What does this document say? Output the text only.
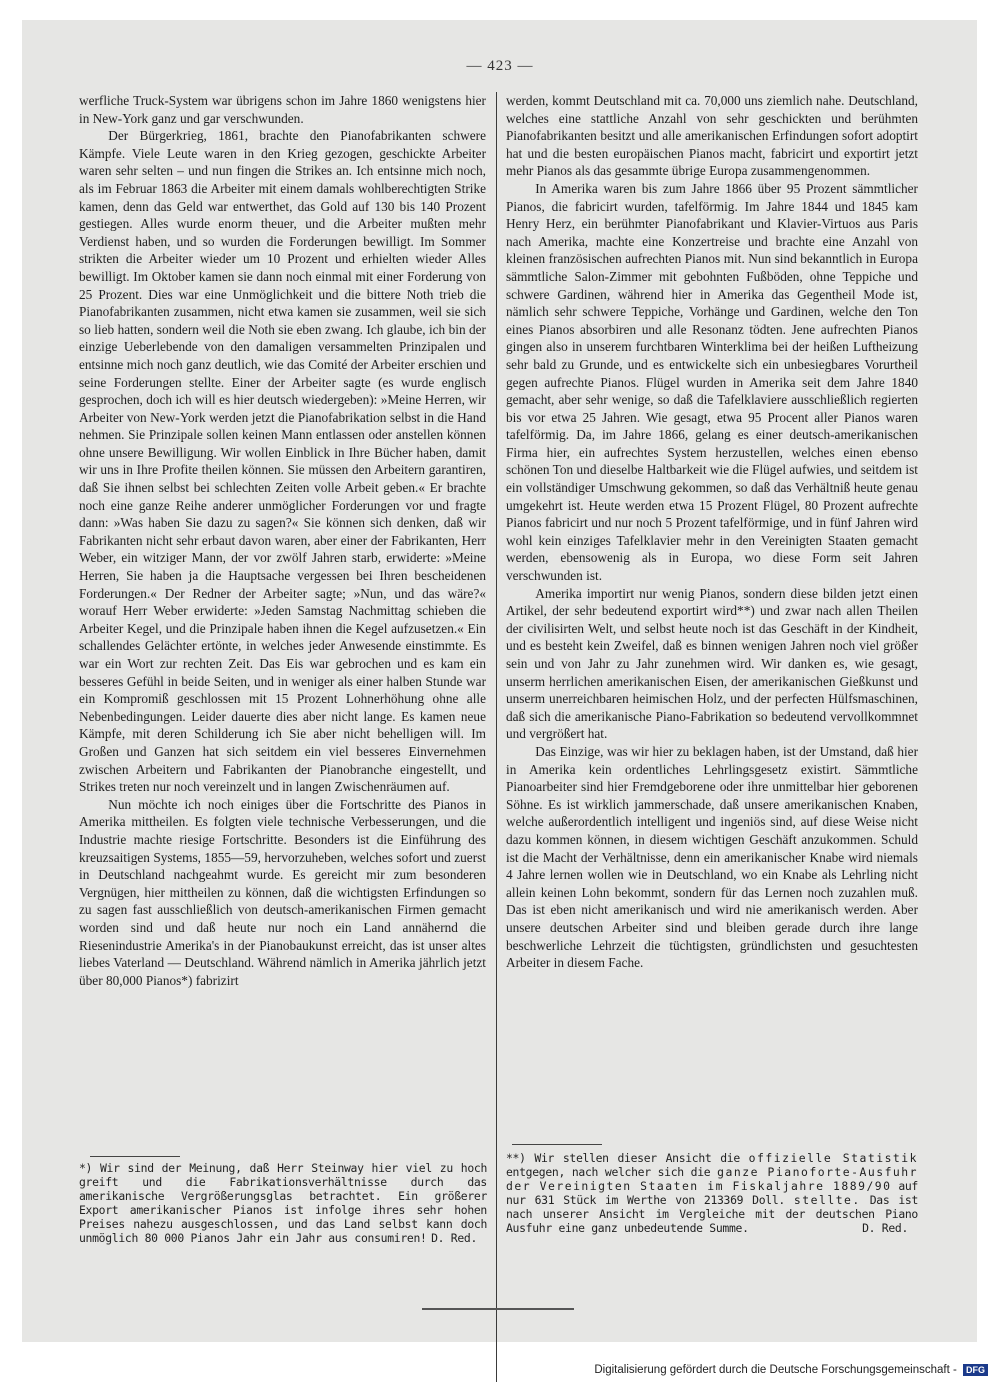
— 423 —

werfliche Truck-System war übrigens schon im Jahre 1860 wenigstens hier in New-York ganz und gar verschwunden.

Der Bürgerkrieg, 1861, brachte den Pianofabrikanten schwere Kämpfe. Viele Leute waren in den Krieg gezogen, geschickte Arbeiter waren sehr selten – und nun fingen die Strikes an. Ich entsinne mich noch, als im Februar 1863 die Arbeiter mit einem damals wohlberechtigten Strike kamen, denn das Geld war entwerthet, das Gold auf 130 bis 140 Prozent gestiegen. Alles wurde enorm theuer, und die Arbeiter mußten mehr Verdienst haben, und so wurden die Forderungen bewilligt. Im Sommer strikten die Arbeiter wieder um 10 Prozent und erhielten wieder Alles bewilligt. Im Oktober kamen sie dann noch einmal mit einer Forderung von 25 Prozent. Dies war eine Unmöglichkeit und die bittere Noth trieb die Pianofabrikanten zusammen, nicht etwa kamen sie zusammen, weil sie sich so lieb hatten, sondern weil die Noth sie eben zwang. Ich glaube, ich bin der einzige Ueberlebende von den damaligen versammelten Prinzipalen und entsinne mich noch ganz deutlich, wie das Comité der Arbeiter erschien und seine Forderungen stellte. Einer der Arbeiter sagte (es wurde englisch gesprochen, doch ich will es hier deutsch wiedergeben): »Meine Herren, wir Arbeiter von New-York werden jetzt die Pianofabrikation selbst in die Hand nehmen. Sie Prinzipale sollen keinen Mann entlassen oder anstellen können ohne unsere Bewilligung. Wir wollen Einblick in Ihre Bücher haben, damit wir uns in Ihre Profite theilen können. Sie müssen den Arbeitern garantiren, daß Sie ihnen selbst bei schlechten Zeiten volle Arbeit geben.« Er brachte noch eine ganze Reihe anderer unmöglicher Forderungen vor und fragte dann: »Was haben Sie dazu zu sagen?« Sie können sich denken, daß wir Fabrikanten nicht sehr erbaut davon waren, aber einer der Fabrikanten, Herr Weber, ein witziger Mann, der vor zwölf Jahren starb, erwiderte: »Meine Herren, Sie haben ja die Hauptsache vergessen bei Ihren bescheidenen Forderungen.« Der Redner der Arbeiter sagte; »Nun, und das wäre?« worauf Herr Weber erwiderte: »Jeden Samstag Nachmittag schieben die Arbeiter Kegel, und die Prinzipale haben ihnen die Kegel aufzusetzen.« Ein schallendes Gelächter ertönte, in welches jeder Anwesende einstimmte. Es war ein Wort zur rechten Zeit. Das Eis war gebrochen und es kam ein besseres Gefühl in beide Seiten, und in weniger als einer halben Stunde war ein Kompromiß geschlossen mit 15 Prozent Lohnerhöhung ohne alle Nebenbedingungen. Leider dauerte dies aber nicht lange. Es kamen neue Kämpfe, mit deren Schilderung ich Sie aber nicht behelligen will. Im Großen und Ganzen hat sich seitdem ein viel besseres Einvernehmen zwischen Arbeitern und Fabrikanten der Pianobranche eingestellt, und Strikes treten nur noch vereinzelt und in langen Zwischenräumen auf.

Nun möchte ich noch einiges über die Fortschritte des Pianos in Amerika mittheilen. Es folgten viele technische Verbesserungen, und die Industrie machte riesige Fortschritte. Besonders ist die Einführung des kreuzsaitigen Systems, 1855—59, hervorzuheben, welches sofort und zuerst in Deutschland nachgeahmt wurde. Es gereicht mir zum besonderen Vergnügen, hier mittheilen zu können, daß die wichtigsten Erfindungen so zu sagen fast ausschließlich von deutsch-amerikanischen Firmen gemacht worden sind und daß heute nur noch ein Land annähernd die Riesenindustrie Amerika's in der Pianobaukunst erreicht, das ist unser altes liebes Vaterland — Deutschland. Während nämlich in Amerika jährlich jetzt über 80,000 Pianos*) fabrizirt

werden, kommt Deutschland mit ca. 70,000 uns ziemlich nahe. Deutschland, welches eine stattliche Anzahl von sehr geschickten und berühmten Pianofabrikanten besitzt und alle amerikanischen Erfindungen sofort adoptirt hat und die besten europäischen Pianos macht, fabricirt und exportirt jetzt mehr Pianos als das gesammte übrige Europa zusammengenommen.

In Amerika waren bis zum Jahre 1866 über 95 Prozent sämmtlicher Pianos, die fabricirt wurden, tafelförmig. Im Jahre 1844 und 1845 kam Henry Herz, ein berühmter Pianofabrikant und Klavier-Virtuos aus Paris nach Amerika, machte eine Konzertreise und brachte eine Anzahl von kleinen französischen aufrechten Pianos mit. Nun sind bekanntlich in Europa sämmtliche Salon-Zimmer mit gebohnten Fußböden, ohne Teppiche und schwere Gardinen, während hier in Amerika das Gegentheil Mode ist, nämlich sehr schwere Teppiche, Vorhänge und Gardinen, welche den Ton eines Pianos absorbiren und alle Resonanz tödten. Jene aufrechten Pianos gingen also in unserem furchtbaren Winterklima bei der heißen Luftheizung sehr bald zu Grunde, und es entwickelte sich ein unbesiegbares Vorurtheil gegen aufrechte Pianos. Flügel wurden in Amerika seit dem Jahre 1840 gemacht, aber sehr wenige, so daß die Tafelklaviere ausschließlich regierten bis vor etwa 25 Jahren. Wie gesagt, etwa 95 Procent aller Pianos waren tafelförmig. Da, im Jahre 1866, gelang es einer deutsch-amerikanischen Firma hier, ein aufrechtes System herzustellen, welches einen ebenso schönen Ton und dieselbe Haltbarkeit wie die Flügel aufwies, und seitdem ist ein vollständiger Umschwung gekommen, so daß das Verhältniß heute genau umgekehrt ist. Heute werden etwa 15 Prozent Flügel, 80 Prozent aufrechte Pianos fabricirt und nur noch 5 Prozent tafelförmige, und in fünf Jahren wird wohl kein einziges Tafelklavier mehr in den Vereinigten Staaten gemacht werden, ebensowenig als in Europa, wo diese Form seit Jahren verschwunden ist.

Amerika importirt nur wenig Pianos, sondern diese bilden jetzt einen Artikel, der sehr bedeutend exportirt wird**) und zwar nach allen Theilen der civilisirten Welt, und selbst heute noch ist das Geschäft in der Kindheit, und es besteht kein Zweifel, daß es binnen wenigen Jahren noch viel größer sein und von Jahr zu Jahr zunehmen wird. Wir danken es, wie gesagt, unserm herrlichen amerikanischen Eisen, der amerikanischen Gießkunst und unserm unerreichbaren heimischen Holz, und der perfecten Hülfsmaschinen, daß sich die amerikanische Piano-Fabrikation so bedeutend vervollkommnet und vergrößert hat.

Das Einzige, was wir hier zu beklagen haben, ist der Umstand, daß hier in Amerika kein ordentliches Lehrlingsgesetz existirt. Sämmtliche Pianoarbeiter sind hier Fremdgeborene oder ihre unmittelbar hier geborenen Söhne. Es ist wirklich jammerschade, daß unsere amerikanischen Knaben, welche außerordentlich intelligent und ingeniös sind, auf diese Weise nicht dazu kommen können, in diesem wichtigen Geschäft anzukommen. Schuld ist die Macht der Verhältnisse, denn ein amerikanischer Knabe wird niemals 4 Jahre lernen wollen wie in Deutschland, wo ein Knabe als Lehrling nicht allein keinen Lohn bekommt, sondern für das Lernen noch zuzahlen muß. Das ist eben nicht amerikanisch und wird nie amerikanisch werden. Aber unsere deutschen Arbeiter sind und bleiben gerade durch ihre lange beschwerliche Lehrzeit die tüchtigsten, gründlichsten und gesuchtesten Arbeiter in diesem Fache.

*) Wir sind der Meinung, daß Herr Steinway hier viel zu hoch greift und die Fabrikationsverhältnisse durch das amerikanische Vergrößerungsglas betrachtet. Ein größerer Export amerikanischer Pianos ist infolge ihres sehr hohen Preises nahezu ausgeschlossen, und das Land selbst kann doch unmöglich 80 000 Pianos Jahr ein Jahr aus consumiren! D. Red.
**) Wir stellen dieser Ansicht die offizielle Statistik entgegen, nach welcher sich die ganze Pianoforte-Ausfuhr der Vereinigten Staaten im Fiskaljahre 1889/90 auf nur 631 Stück im Werthe von 213369 Doll. stellte. Das ist nach unserer Ansicht im Vergleiche mit der deutschen Piano Ausfuhr eine ganz unbedeutende Summe.	D. Red.
Digitalisierung gefördert durch die Deutsche Forschungsgemeinschaft - DFG
